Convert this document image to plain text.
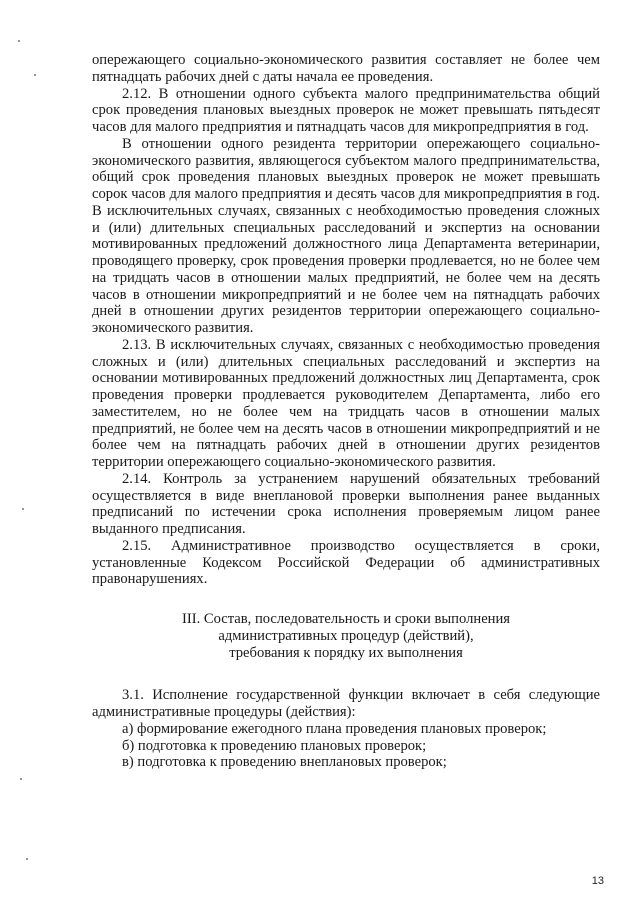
опережающего социально-экономического развития составляет не более чем пятнадцать рабочих дней с даты начала ее проведения.

2.12. В отношении одного субъекта малого предпринимательства общий срок проведения плановых выездных проверок не может превышать пятьдесят часов для малого предприятия и пятнадцать часов для микропредприятия в год.

В отношении одного резидента территории опережающего социально-экономического развития, являющегося субъектом малого предпринимательства, общий срок проведения плановых выездных проверок не может превышать сорок часов для малого предприятия и десять часов для микропредприятия в год. В исключительных случаях, связанных с необходимостью проведения сложных и (или) длительных специальных расследований и экспертиз на основании мотивированных предложений должностного лица Департамента ветеринарии, проводящего проверку, срок проведения проверки продлевается, но не более чем на тридцать часов в отношении малых предприятий, не более чем на десять часов в отношении микропредприятий и не более чем на пятнадцать рабочих дней в отношении других резидентов территории опережающего социально-экономического развития.

2.13. В исключительных случаях, связанных с необходимостью проведения сложных и (или) длительных специальных расследований и экспертиз на основании мотивированных предложений должностных лиц Департамента, срок проведения проверки продлевается руководителем Департамента, либо его заместителем, но не более чем на тридцать часов в отношении малых предприятий, не более чем на десять часов в отношении микропредприятий и не более чем на пятнадцать рабочих дней в отношении других резидентов территории опережающего социально-экономического развития.

2.14. Контроль за устранением нарушений обязательных требований осуществляется в виде внеплановой проверки выполнения ранее выданных предписаний по истечении срока исполнения проверяемым лицом ранее выданного предписания.

2.15. Административное производство осуществляется в сроки, установленные Кодексом Российской Федерации об административных правонарушениях.

III. Состав, последовательность и сроки выполнения
административных процедур (действий),
требования к порядку их выполнения

3.1. Исполнение государственной функции включает в себя следующие административные процедуры (действия):

а) формирование ежегодного плана проведения плановых проверок;

б) подготовка к проведению плановых проверок;

в) подготовка к проведению внеплановых проверок;

13
